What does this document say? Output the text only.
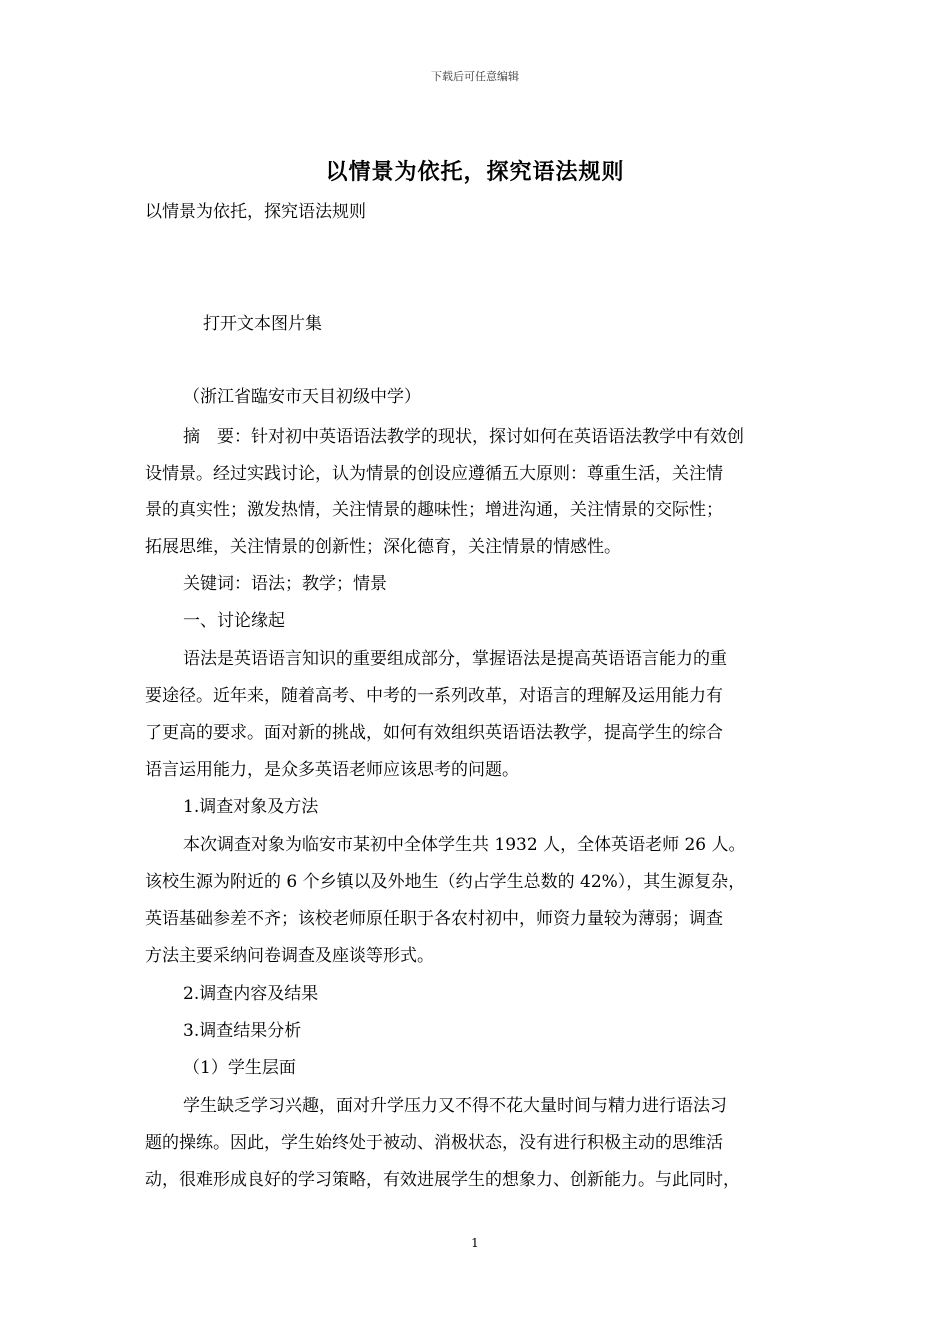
下载后可任意编辑
以情景为依托，探究语法规则
以情景为依托，探究语法规则
打开文本图片集
（浙江省臨安市天目初级中学）
摘　要：针对初中英语语法教学的现状，探讨如何在英语语法教学中有效创
设情景。经过实践讨论，认为情景的创设应遵循五大原则：尊重生活，关注情
景的真实性；激发热情，关注情景的趣味性；增进沟通，关注情景的交际性；
拓展思维，关注情景的创新性；深化德育，关注情景的情感性。
关键词：语法；教学；情景
一、讨论缘起
语法是英语语言知识的重要组成部分，掌握语法是提高英语语言能力的重
要途径。近年来，随着高考、中考的一系列改革，对语言的理解及运用能力有
了更高的要求。面对新的挑战，如何有效组织英语语法教学，提高学生的综合
语言运用能力，是众多英语老师应该思考的问题。
1.调查对象及方法
本次调查对象为临安市某初中全体学生共 1932 人，全体英语老师 26 人。
该校生源为附近的 6 个乡镇以及外地生（约占学生总数的 42%），其生源复杂，
英语基础参差不齐；该校老师原任职于各农村初中，师资力量较为薄弱；调查
方法主要采纳问卷调查及座谈等形式。
2.调查内容及结果
3.调查结果分析
（1）学生层面
学生缺乏学习兴趣，面对升学压力又不得不花大量时间与精力进行语法习
题的操练。因此，学生始终处于被动、消极状态，没有进行积极主动的思维活
动，很难形成良好的学习策略，有效进展学生的想象力、创新能力。与此同时，
1
